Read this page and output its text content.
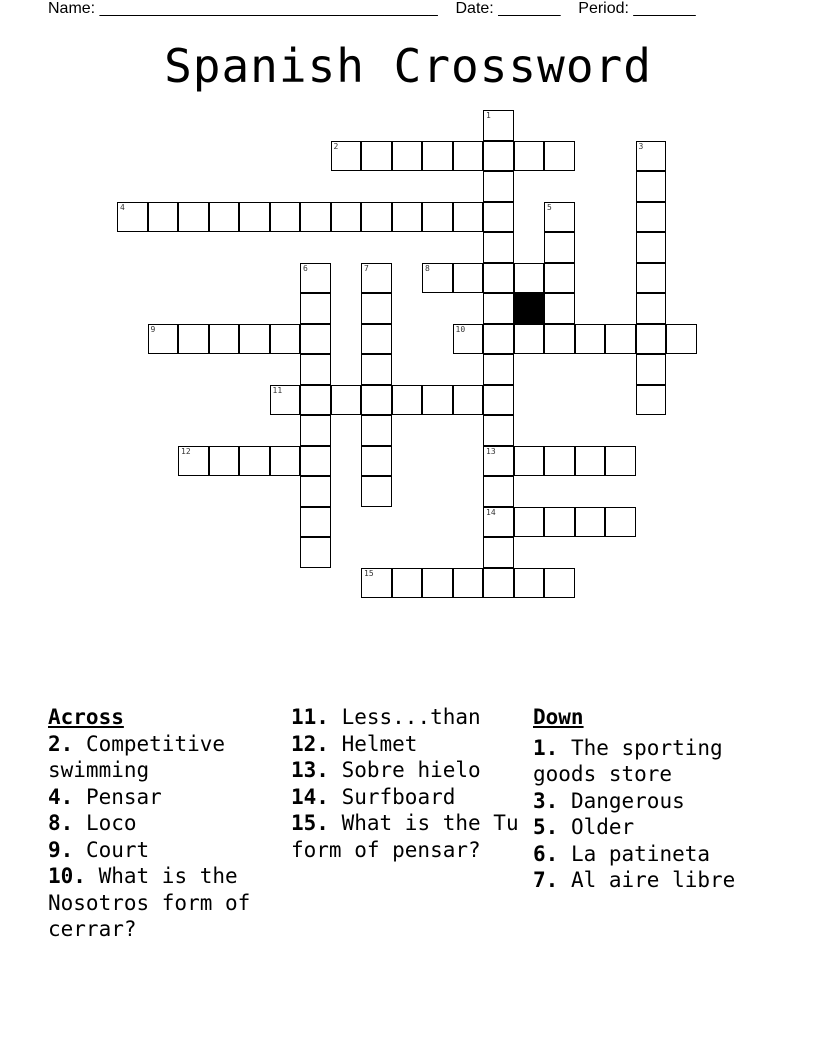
Name: ______________________________________ Date: _______ Period: _______
Spanish Crossword
1
13
14
2	3
4	5
6	7	8
9	10
11
12
15
Across
2. Competitive swimming
4. Pensar
8. Loco
9. Court
10. What is the Nosotros form of cerrar?
11. Less...than
12. Helmet
13. Sobre hielo
14. Surfboard
15. What is the Tu form of pensar?
Down
1. The sporting goods store
3. Dangerous
5. Older
6. La patineta
7. Al aire libre
